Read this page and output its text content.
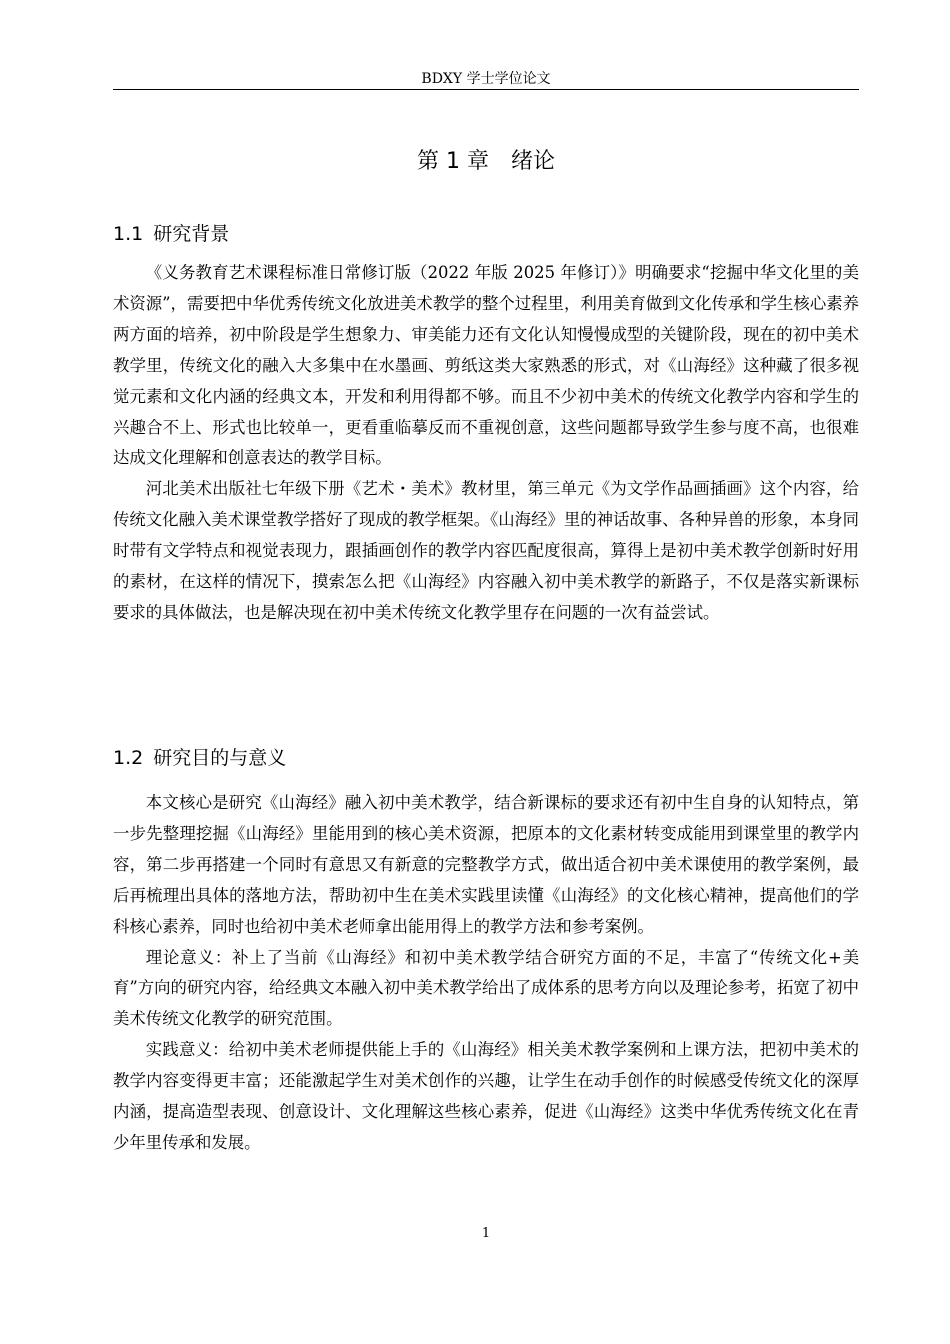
BDXY 学士学位论文
第 1 章 绪论
1.1 研究背景

《义务教育艺术课程标准日常修订版（2022 年版 2025 年修订）》明确要求“挖掘中华文化里的美术资源”，需要把中华优秀传统文化放进美术教学的整个过程里，利用美育做到文化传承和学生核心素养两方面的培养，初中阶段是学生想象力、审美能力还有文化认知慢慢成型的关键阶段，现在的初中美术教学里，传统文化的融入大多集中在水墨画、剪纸这类大家熟悉的形式，对《山海经》这种藏了很多视觉元素和文化内涵的经典文本，开发和利用得都不够。而且不少初中美术的传统文化教学内容和学生的兴趣合不上、形式也比较单一，更看重临摹反而不重视创意，这些问题都导致学生参与度不高，也很难达成文化理解和创意表达的教学目标。

河北美术出版社七年级下册《艺术・美术》教材里，第三单元《为文学作品画插画》这个内容，给传统文化融入美术课堂教学搭好了现成的教学框架。《山海经》里的神话故事、各种异兽的形象，本身同时带有文学特点和视觉表现力，跟插画创作的教学内容匹配度很高，算得上是初中美术教学创新时好用的素材，在这样的情况下，摸索怎么把《山海经》内容融入初中美术教学的新路子，不仅是落实新课标要求的具体做法，也是解决现在初中美术传统文化教学里存在问题的一次有益尝试。

1.2 研究目的与意义

本文核心是研究《山海经》融入初中美术教学，结合新课标的要求还有初中生自身的认知特点，第一步先整理挖掘《山海经》里能用到的核心美术资源，把原本的文化素材转变成能用到课堂里的教学内容，第二步再搭建一个同时有意思又有新意的完整教学方式，做出适合初中美术课使用的教学案例，最后再梳理出具体的落地方法，帮助初中生在美术实践里读懂《山海经》的文化核心精神，提高他们的学科核心素养，同时也给初中美术老师拿出能用得上的教学方法和参考案例。

理论意义：补上了当前《山海经》和初中美术教学结合研究方面的不足，丰富了“传统文化+美育”方向的研究内容，给经典文本融入初中美术教学给出了成体系的思考方向以及理论参考，拓宽了初中美术传统文化教学的研究范围。

实践意义：给初中美术老师提供能上手的《山海经》相关美术教学案例和上课方法，把初中美术的教学内容变得更丰富；还能激起学生对美术创作的兴趣，让学生在动手创作的时候感受传统文化的深厚内涵，提高造型表现、创意设计、文化理解这些核心素养，促进《山海经》这类中华优秀传统文化在青少年里传承和发展。

1
